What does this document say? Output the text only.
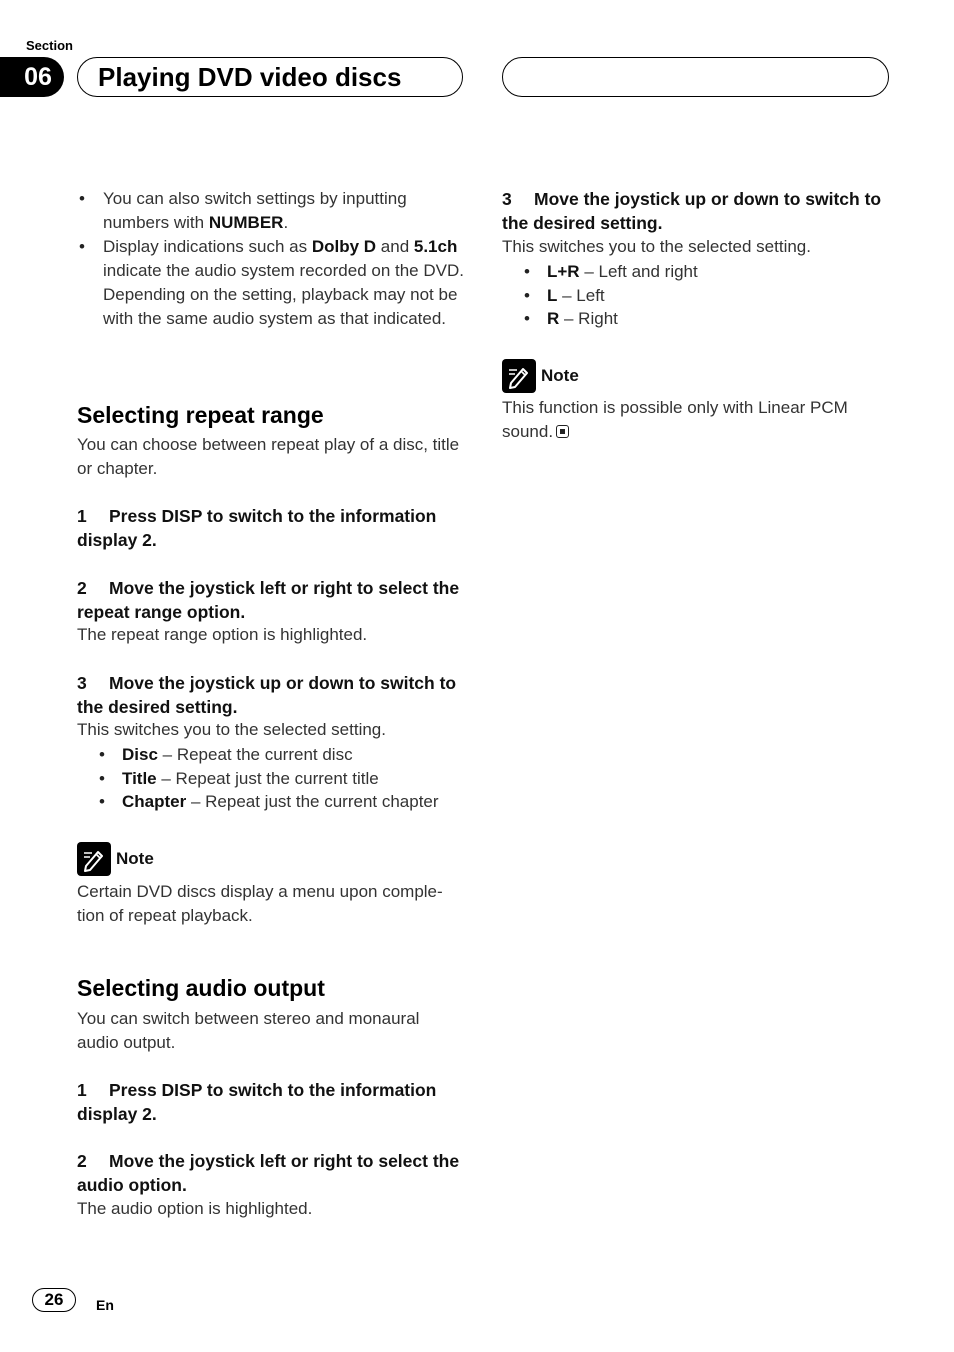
Section
06	Playing DVD video discs
• You can also switch settings by inputting numbers with NUMBER.
• Display indications such as Dolby D and 5.1ch indicate the audio system recorded on the DVD. Depending on the setting, playback may not be with the same audio system as that indicated.
Selecting repeat range

You can choose between repeat play of a disc, title or chapter.

1 Press DISP to switch to the information display 2.

2 Move the joystick left or right to select the repeat range option.

The repeat range option is highlighted.

3 Move the joystick up or down to switch to the desired setting.

This switches you to the selected setting.

• Disc – Repeat the current disc
• Title – Repeat just the current title
• Chapter – Repeat just the current chapter
Note

Certain DVD discs display a menu upon comple-tion of repeat playback.

Selecting audio output

You can switch between stereo and monaural audio output.

1 Press DISP to switch to the information display 2.

2 Move the joystick left or right to select the audio option.

The audio option is highlighted.

3 Move the joystick up or down to switch to the desired setting.

This switches you to the selected setting.

• L+R – Left and right
• L – Left
• R – Right
Note

This function is possible only with Linear PCM sound.

26	En
